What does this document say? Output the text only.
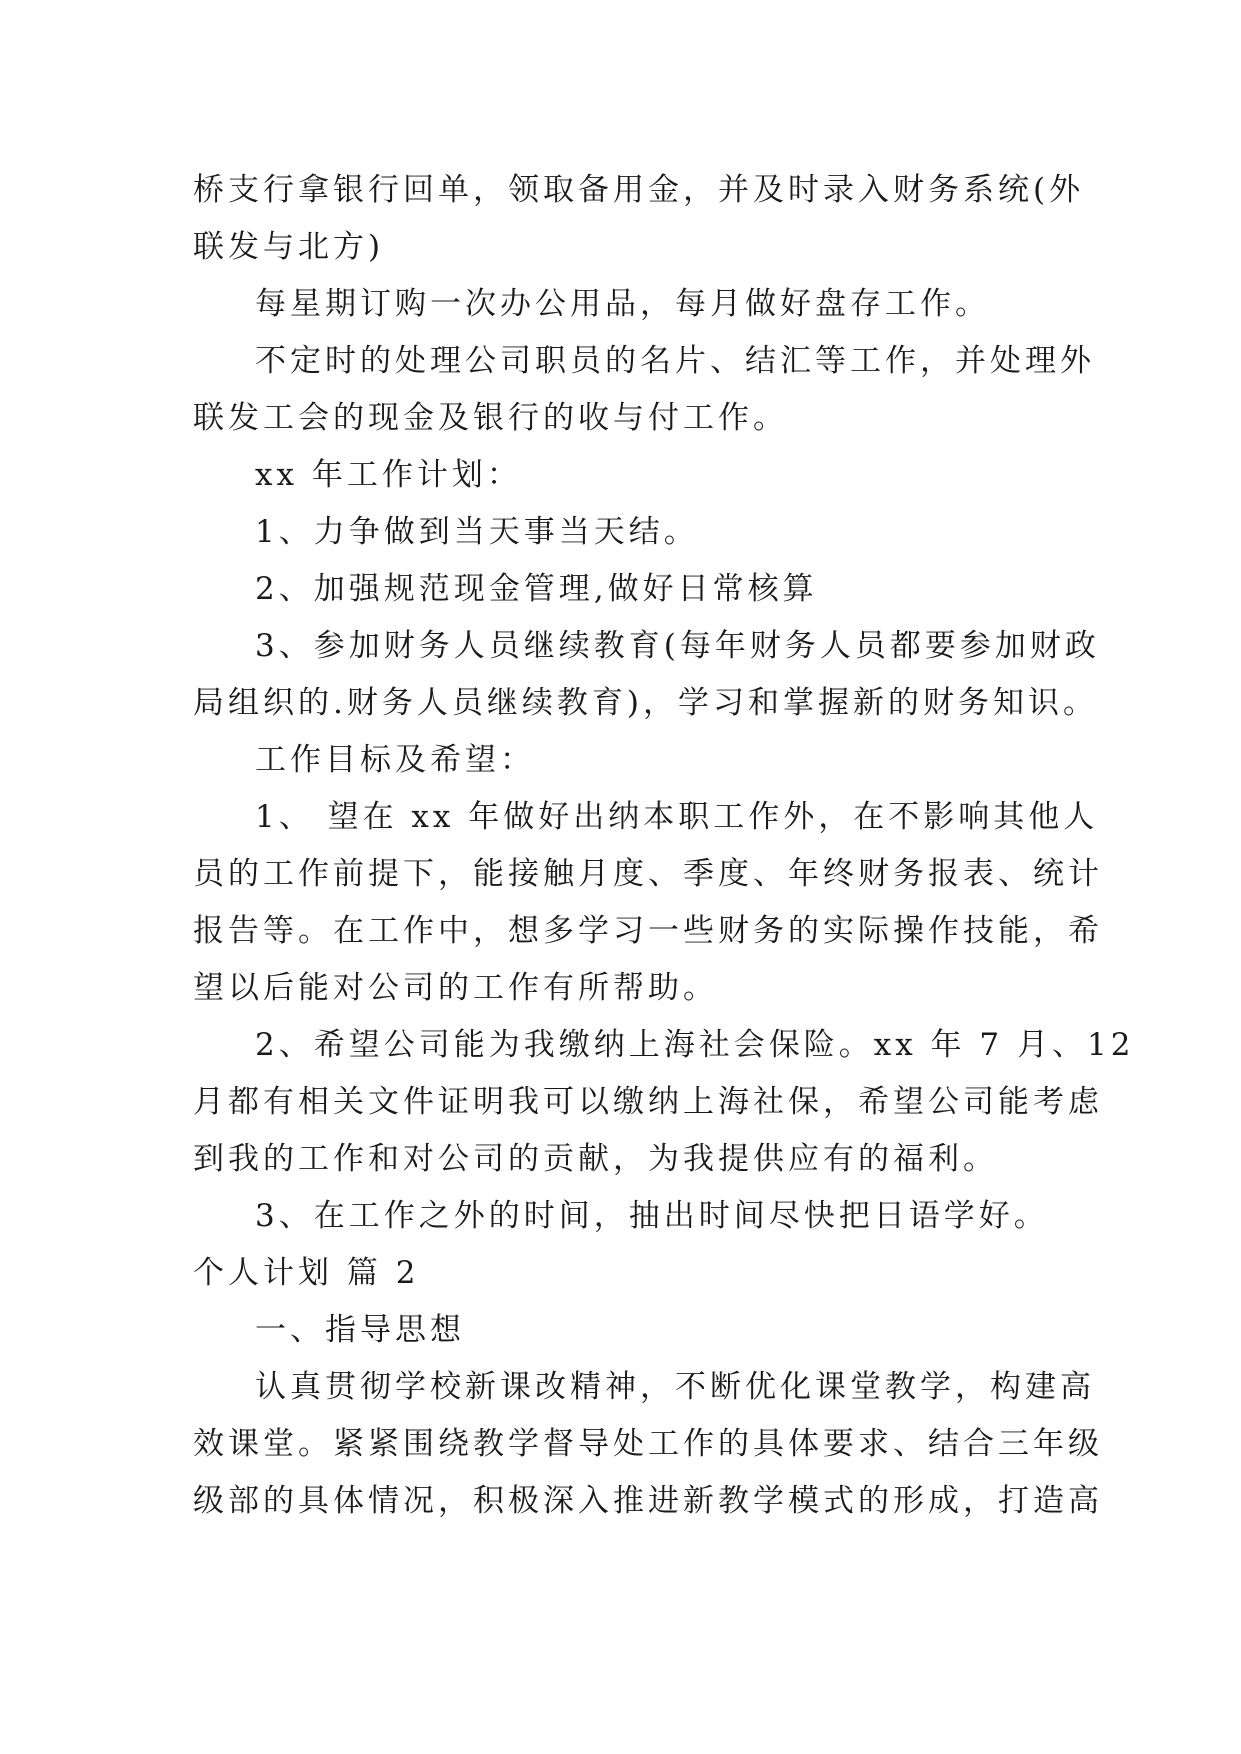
桥支行拿银行回单，领取备用金，并及时录入财务系统(外
联发与北方)
每星期订购一次办公用品，每月做好盘存工作。
不定时的处理公司职员的名片、结汇等工作，并处理外
联发工会的现金及银行的收与付工作。
xx 年工作计划：
1、力争做到当天事当天结。
2、加强规范现金管理,做好日常核算
3、参加财务人员继续教育(每年财务人员都要参加财政
局组织的.财务人员继续教育)，学习和掌握新的财务知识。
工作目标及希望：
1、 望在 xx 年做好出纳本职工作外，在不影响其他人
员的工作前提下，能接触月度、季度、年终财务报表、统计
报告等。在工作中，想多学习一些财务的实际操作技能，希
望以后能对公司的工作有所帮助。
2、希望公司能为我缴纳上海社会保险。xx 年 7 月、12
月都有相关文件证明我可以缴纳上海社保，希望公司能考虑
到我的工作和对公司的贡献，为我提供应有的福利。
3、在工作之外的时间，抽出时间尽快把日语学好。
个人计划 篇 2
一、指导思想
认真贯彻学校新课改精神，不断优化课堂教学，构建高
效课堂。紧紧围绕教学督导处工作的具体要求、结合三年级
级部的具体情况，积极深入推进新教学模式的形成，打造高
